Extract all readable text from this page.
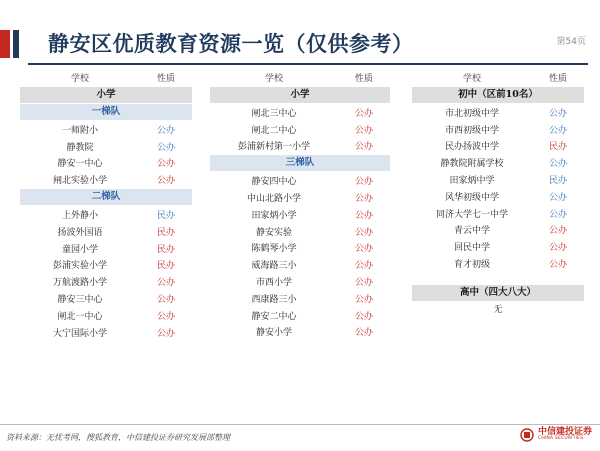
静安区优质教育资源一览（仅供参考）	第54页
学校	性质
小学
一梯队
一师附小	公办
静教院	公办
静安一中心	公办
闸北实验小学	公办
二梯队
上外静小	民办
扬波外国语	民办
童园小学	民办
彭浦实验小学	民办
万航渡路小学	公办
静安三中心	公办
闸北一中心	公办
大宁国际小学	公办
学校	性质
小学
闸北三中心	公办
闸北二中心	公办
彭浦新村第一小学	公办
三梯队
静安四中心	公办
中山北路小学	公办
田家炳小学	公办
静安实验	公办
陈鹤琴小学	公办
威海路三小	公办
市西小学	公办
西康路三小	公办
静安二中心	公办
静安小学	公办
学校	性质
初中（区前10名）
市北初级中学	公办
市西初级中学	公办
民办扬波中学	民办
静教院附属学校	公办
田家炳中学	民办
风华初级中学	公办
同济大学七一中学	公办
青云中学	公办
回民中学	公办
育才初级	公办
高中（四大八大）
无
资料来源：无忧考网，搜狐教育，中信建投证券研究发展部整理
中信建投证券
CHINA SECURITIES
